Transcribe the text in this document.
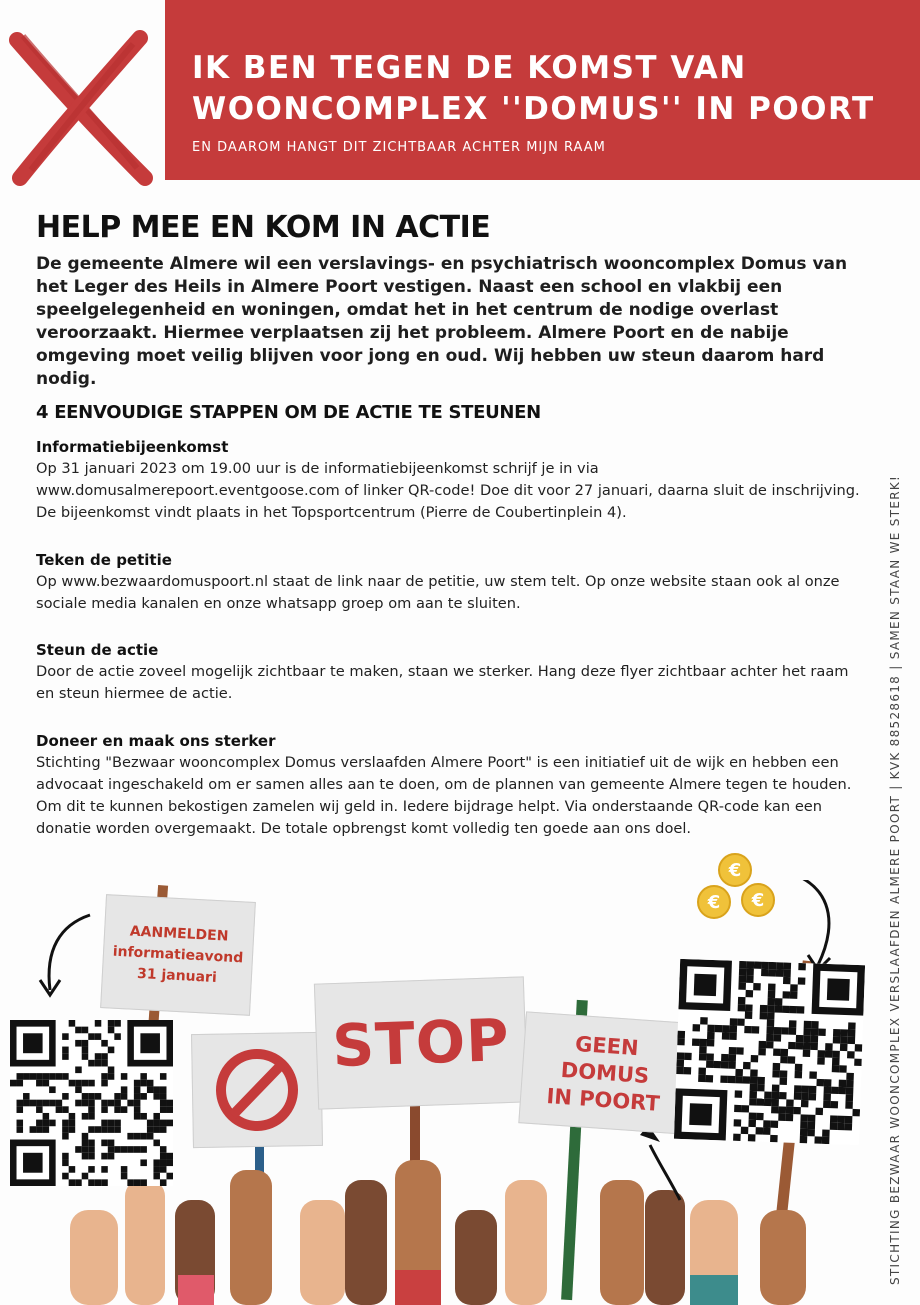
IK BEN TEGEN DE KOMST VAN WOONCOMPLEX ''DOMUS'' IN POORT
EN DAAROM HANGT DIT ZICHTBAAR ACHTER MIJN RAAM
HELP MEE EN KOM IN ACTIE

De gemeente Almere wil een verslavings- en psychiatrisch wooncomplex Domus van het Leger des Heils in Almere Poort vestigen. Naast een school en vlakbij een speelgelegenheid en woningen, omdat het in het centrum de nodige overlast veroorzaakt. Hiermee verplaatsen zij het probleem. Almere Poort en de nabije omgeving moet veilig blijven voor jong en oud. Wij hebben uw steun daarom hard nodig.

4 EENVOUDIGE STAPPEN OM DE ACTIE TE STEUNEN
Informatiebijeenkomst

Op 31 januari 2023 om 19.00 uur is de informatiebijeenkomst schrijf je in via www.domusalmerepoort.eventgoose.com of linker QR-code! Doe dit voor 27 januari, daarna sluit de inschrijving. De bijeenkomst vindt plaats in het Topsportcentrum (Pierre de Coubertinplein 4).

Teken de petitie

Op www.bezwaardomuspoort.nl staat de link naar de petitie, uw stem telt. Op onze website staan ook al onze sociale media kanalen en onze whatsapp groep om aan te sluiten.

Steun de actie

Door de actie zoveel mogelijk zichtbaar te maken, staan we sterker. Hang deze flyer zichtbaar achter het raam en steun hiermee de actie.

Doneer en maak ons sterker

Stichting "Bezwaar wooncomplex Domus verslaafden Almere Poort" is een initiatief uit de wijk en hebben een advocaat ingeschakeld om er samen alles aan te doen, om de plannen van gemeente Almere tegen te houden. Om dit te kunnen bekostigen zamelen wij geld in. Iedere bijdrage helpt. Via onderstaande QR-code kan een donatie worden overgemaakt. De totale opbrengst komt volledig ten goede aan ons doel.	STICHTING BEZWAAR WOONCOMPLEX VERSLAAFDEN ALMERE POORT | KVK 88528618 | SAMEN STAAN WE STERK!
€
€	€
AANMELDEN
informatieavond
31 januari
STOP	GEEN
DOMUS
IN POORT
